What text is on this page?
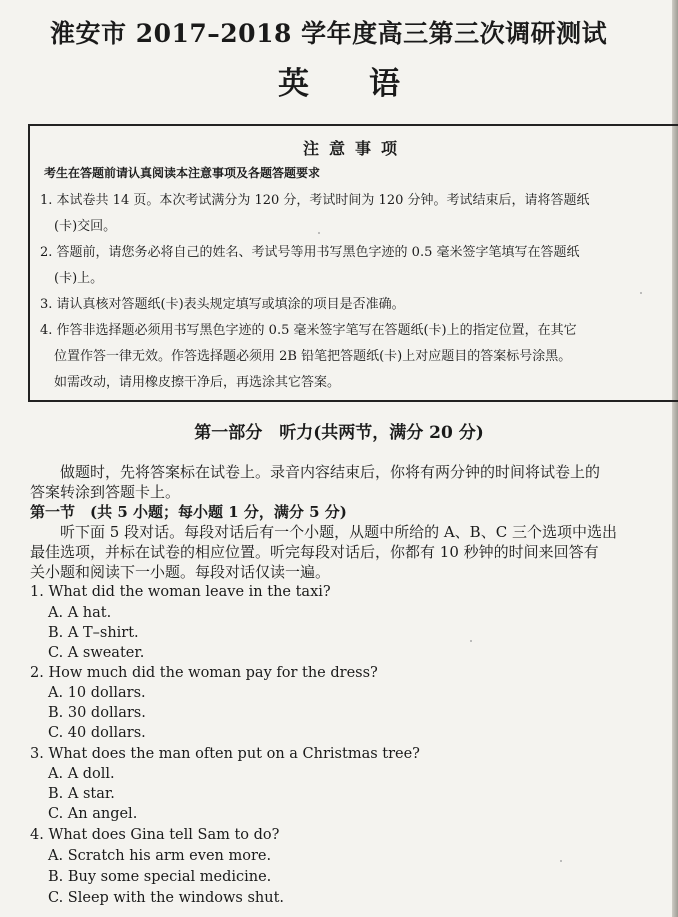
淮安市 2017–2018 学年度高三第三次调研测试
英语
注意事项
考生在答题前请认真阅读本注意事项及各题答题要求
1. 本试卷共 14 页。本次考试满分为 120 分，考试时间为 120 分钟。考试结束后，请将答题纸
(卡)交回。
2. 答题前，请您务必将自己的姓名、考试号等用书写黑色字迹的 0.5 毫米签字笔填写在答题纸
(卡)上。
3. 请认真核对答题纸(卡)表头规定填写或填涂的项目是否准确。
4. 作答非选择题必须用书写黑色字迹的 0.5 毫米签字笔写在答题纸(卡)上的指定位置，在其它
位置作答一律无效。作答选择题必须用 2B 铅笔把答题纸(卡)上对应题目的答案标号涂黑。
如需改动，请用橡皮擦干净后，再选涂其它答案。
第一部分　听力(共两节，满分 20 分)
做题时，先将答案标在试卷上。录音内容结束后，你将有两分钟的时间将试卷上的
答案转涂到答题卡上。
第一节　(共 5 小题；每小题 1 分，满分 5 分)
听下面 5 段对话。每段对话后有一个小题，从题中所给的 A、B、C 三个选项中选出
最佳选项，并标在试卷的相应位置。听完每段对话后，你都有 10 秒钟的时间来回答有
关小题和阅读下一小题。每段对话仅读一遍。
1. What did the woman leave in the taxi?
A. A hat.
B. A T–shirt.
C. A sweater.
2. How much did the woman pay for the dress?
A. 10 dollars.
B. 30 dollars.
C. 40 dollars.
3. What does the man often put on a Christmas tree?
A. A doll.
B. A star.
C. An angel.
4. What does Gina tell Sam to do?
A. Scratch his arm even more.
B. Buy some special medicine.
C. Sleep with the windows shut.
